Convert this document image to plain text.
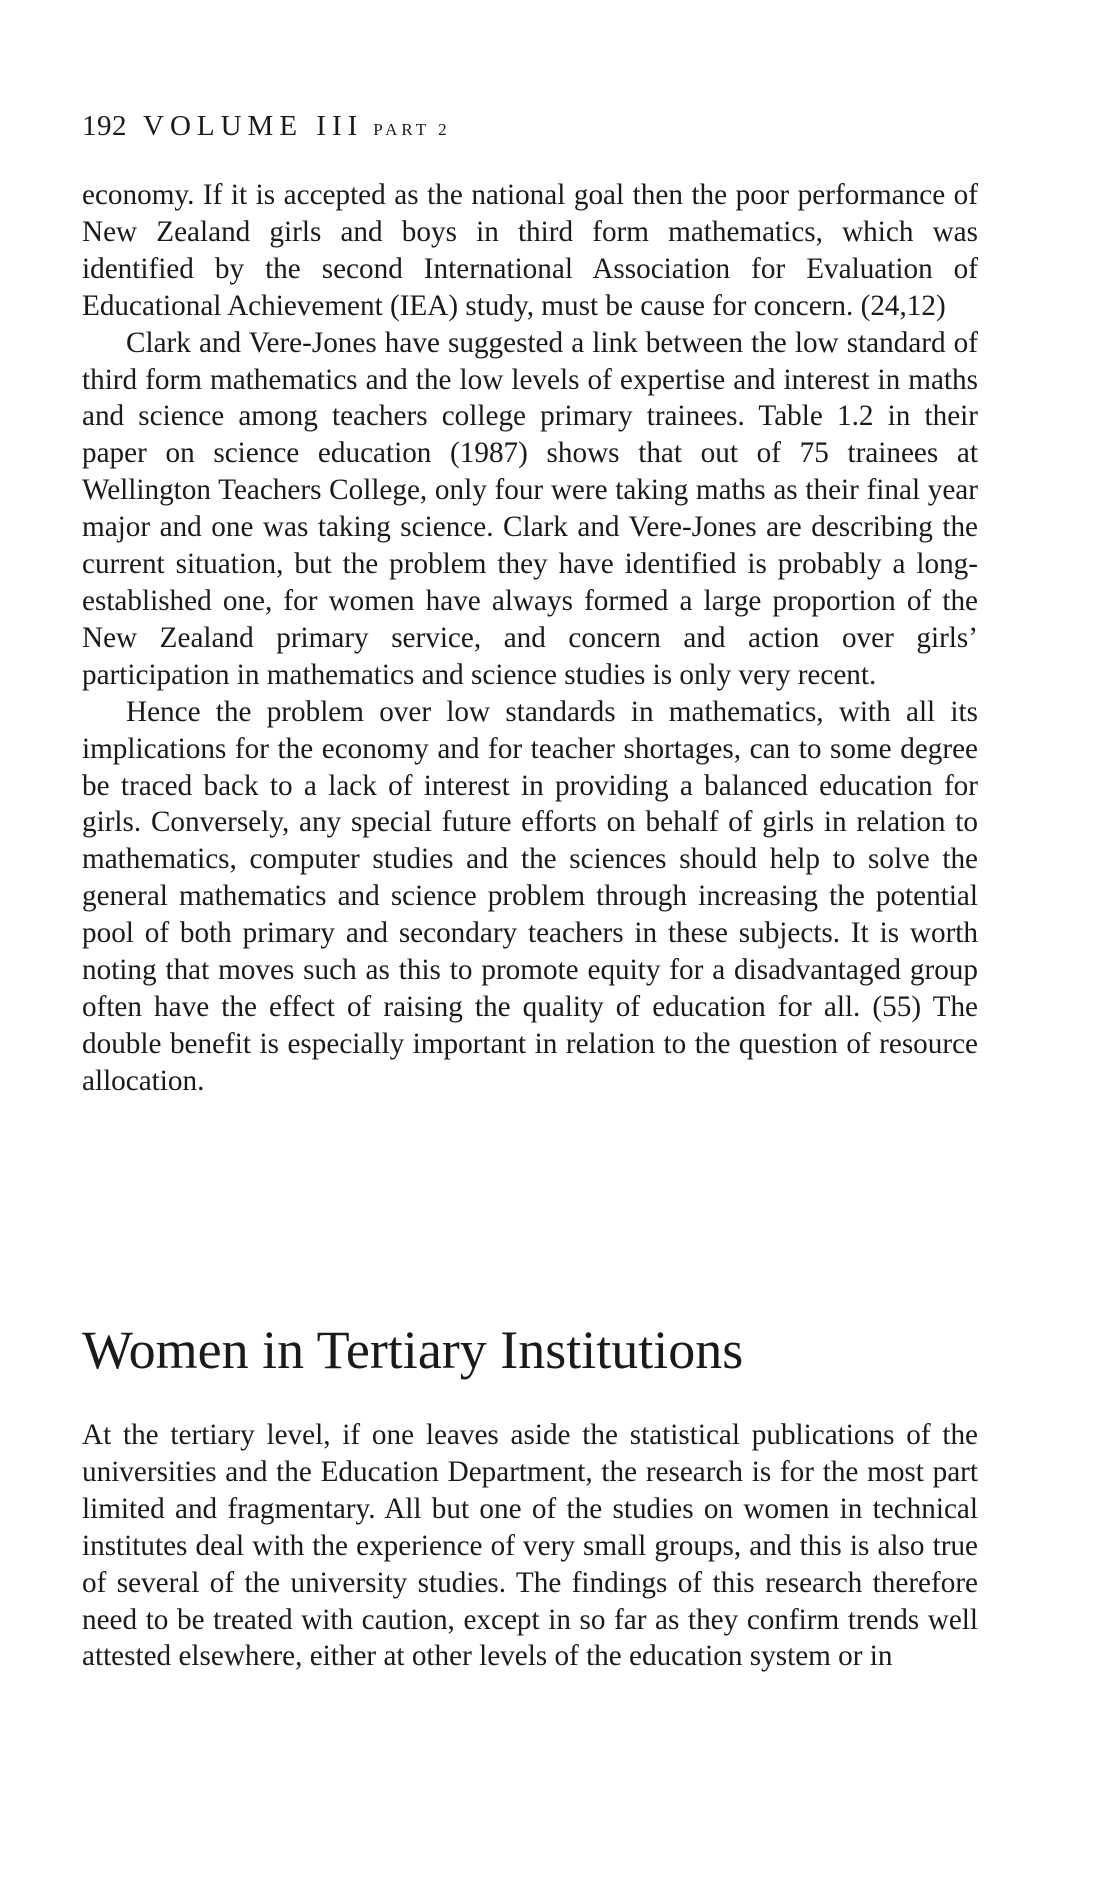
192 VOLUME III PART 2

economy. If it is accepted as the national goal then the poor performance of New Zealand girls and boys in third form mathematics, which was identified by the second International Association for Evaluation of Educational Achievement (IEA) study, must be cause for concern. (24,12)

Clark and Vere-Jones have suggested a link between the low standard of third form mathematics and the low levels of expertise and interest in maths and science among teachers college primary trainees. Table 1.2 in their paper on science education (1987) shows that out of 75 trainees at Wellington Teachers College, only four were taking maths as their final year major and one was taking science. Clark and Vere-Jones are describing the current situation, but the problem they have identified is probably a long-established one, for women have always formed a large proportion of the New Zealand primary service, and concern and action over girls’ participation in mathematics and science studies is only very recent.

Hence the problem over low standards in mathematics, with all its implications for the economy and for teacher shortages, can to some degree be traced back to a lack of interest in providing a balanced education for girls. Conversely, any special future efforts on behalf of girls in relation to mathematics, computer studies and the sciences should help to solve the general mathematics and science problem through increasing the potential pool of both primary and secondary teachers in these subjects. It is worth noting that moves such as this to promote equity for a disadvantaged group often have the effect of raising the quality of education for all. (55) The double benefit is especially important in relation to the question of resource allocation.

Women in Tertiary Institutions

At the tertiary level, if one leaves aside the statistical publications of the universities and the Education Department, the research is for the most part limited and fragmentary. All but one of the studies on women in technical institutes deal with the experience of very small groups, and this is also true of several of the university studies. The findings of this research therefore need to be treated with caution, except in so far as they confirm trends well attested elsewhere, either at other levels of the education system or in
